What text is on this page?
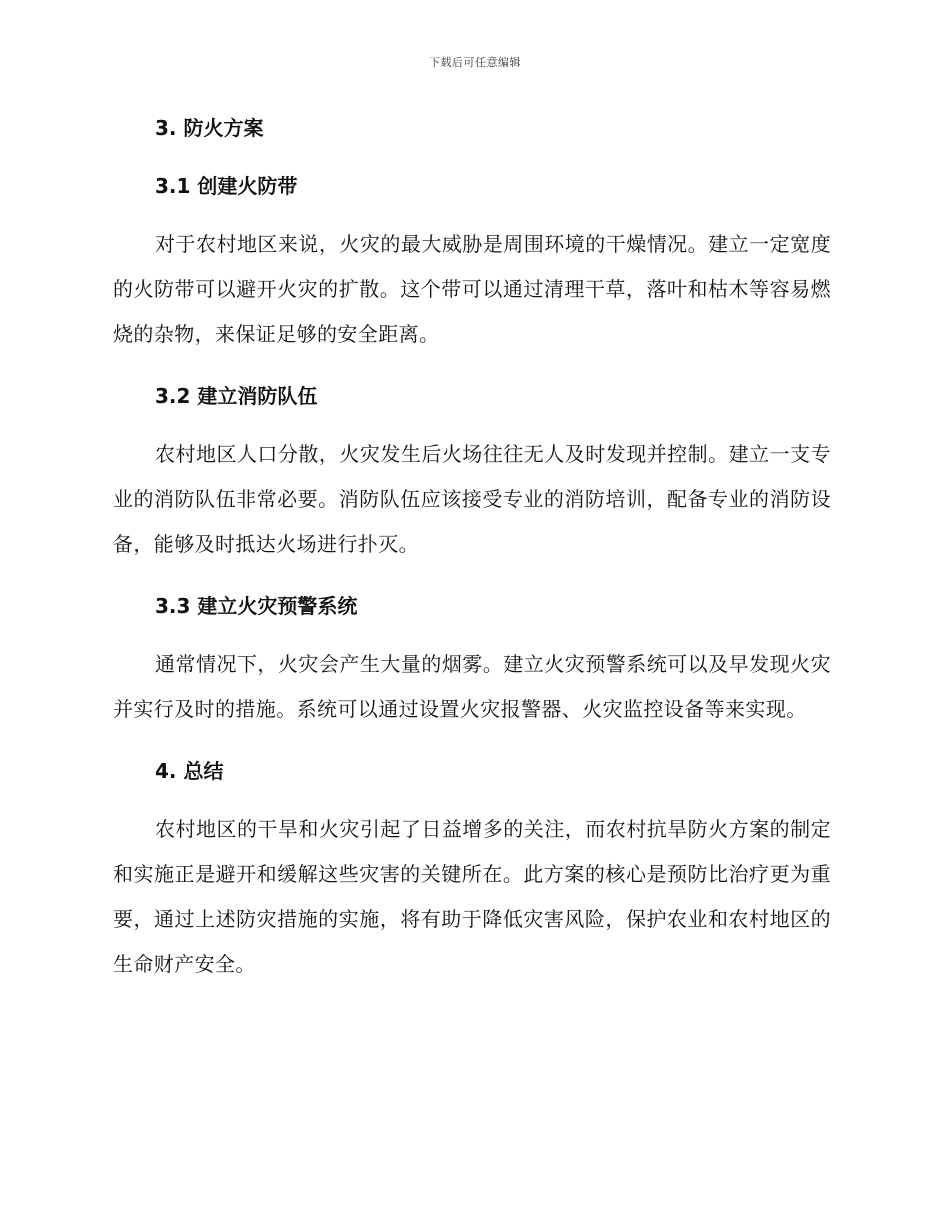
下载后可任意编辑
3. 防火方案
3.1 创建火防带

对于农村地区来说，火灾的最大威胁是周围环境的干燥情况。建立一定宽度的火防带可以避开火灾的扩散。这个带可以通过清理干草，落叶和枯木等容易燃烧的杂物，来保证足够的安全距离。

3.2 建立消防队伍

农村地区人口分散，火灾发生后火场往往无人及时发现并控制。建立一支专业的消防队伍非常必要。消防队伍应该接受专业的消防培训，配备专业的消防设备，能够及时抵达火场进行扑灭。

3.3 建立火灾预警系统

通常情况下，火灾会产生大量的烟雾。建立火灾预警系统可以及早发现火灾并实行及时的措施。系统可以通过设置火灾报警器、火灾监控设备等来实现。

4. 总结

农村地区的干旱和火灾引起了日益增多的关注，而农村抗旱防火方案的制定和实施正是避开和缓解这些灾害的关键所在。此方案的核心是预防比治疗更为重要，通过上述防灾措施的实施，将有助于降低灾害风险，保护农业和农村地区的生命财产安全。
